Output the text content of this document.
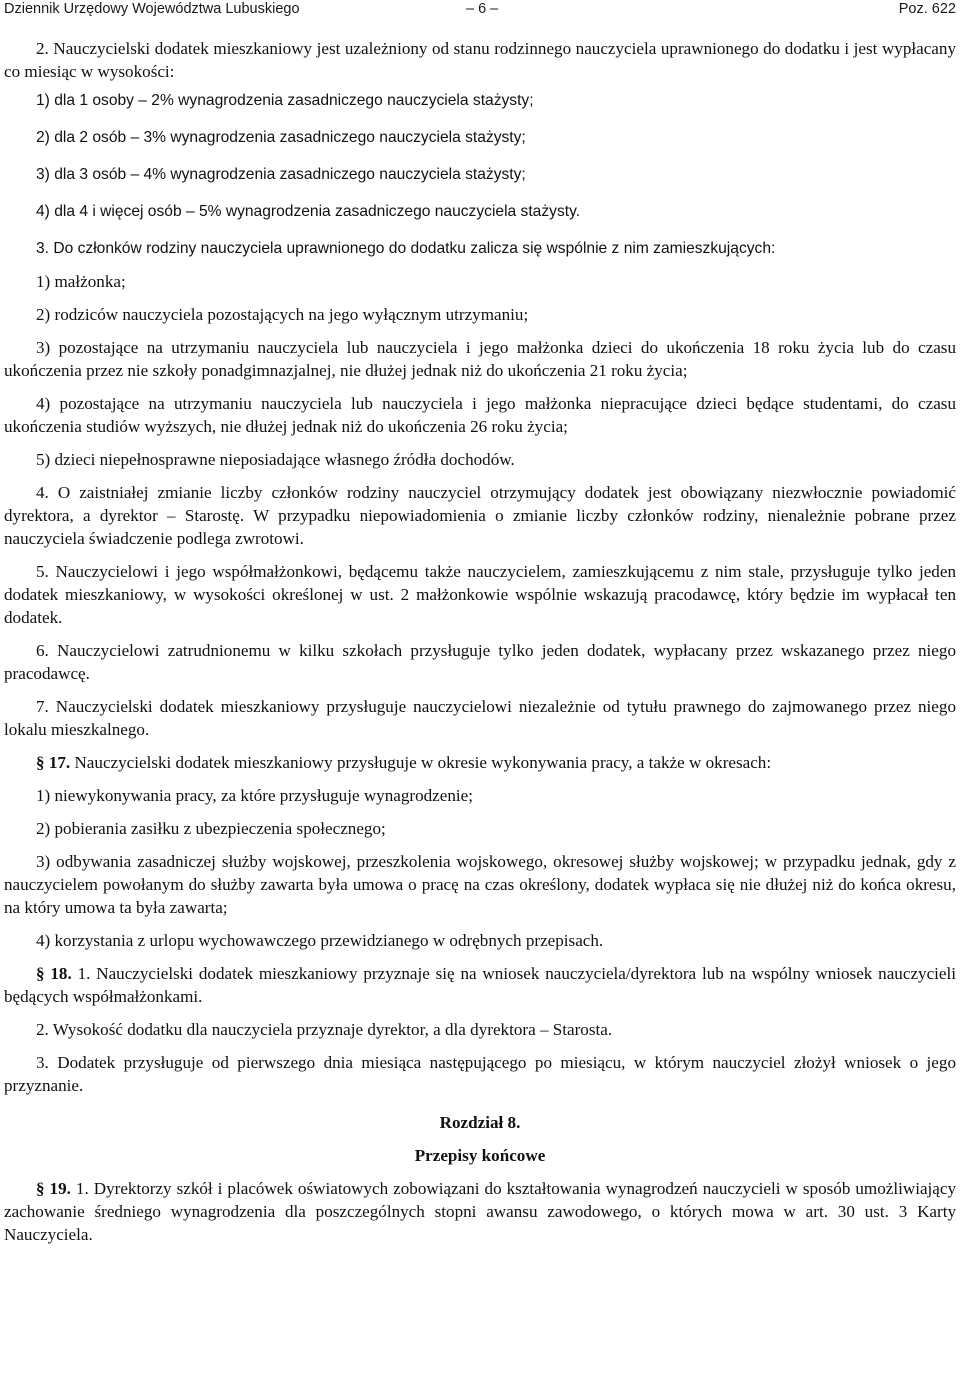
Dziennik Urzędowy Województwa Lubuskiego	– 6 –	Poz. 622

2. Nauczycielski dodatek mieszkaniowy jest uzależniony od stanu rodzinnego nauczyciela uprawnionego do dodatku i jest wypłacany co miesiąc w wysokości:

1) dla 1 osoby – 2% wynagrodzenia zasadniczego nauczyciela stażysty;

2) dla 2 osób – 3% wynagrodzenia zasadniczego nauczyciela stażysty;

3) dla 3 osób – 4% wynagrodzenia zasadniczego nauczyciela stażysty;

4) dla 4 i więcej osób – 5% wynagrodzenia zasadniczego nauczyciela stażysty.

3. Do członków rodziny nauczyciela uprawnionego do dodatku zalicza się wspólnie z nim zamieszkujących:

1) małżonka;

2) rodziców nauczyciela pozostających na jego wyłącznym utrzymaniu;

3) pozostające na utrzymaniu nauczyciela lub nauczyciela i jego małżonka dzieci do ukończenia 18 roku życia lub do czasu ukończenia przez nie szkoły ponadgimnazjalnej, nie dłużej jednak niż do ukończenia 21 roku życia;

4) pozostające na utrzymaniu nauczyciela lub nauczyciela i jego małżonka niepracujące dzieci będące studentami, do czasu ukończenia studiów wyższych, nie dłużej jednak niż do ukończenia 26 roku życia;

5) dzieci niepełnosprawne nieposiadające własnego źródła dochodów.

4. O zaistniałej zmianie liczby członków rodziny nauczyciel otrzymujący dodatek jest obowiązany niezwłocznie powiadomić dyrektora, a dyrektor – Starostę. W przypadku niepowiadomienia o zmianie liczby członków rodziny, nienależnie pobrane przez nauczyciela świadczenie podlega zwrotowi.

5. Nauczycielowi i jego współmałżonkowi, będącemu także nauczycielem, zamieszkującemu z nim stale, przysługuje tylko jeden dodatek mieszkaniowy, w wysokości określonej w ust. 2 małżonkowie wspólnie wskazują pracodawcę, który będzie im wypłacał ten dodatek.

6. Nauczycielowi zatrudnionemu w kilku szkołach przysługuje tylko jeden dodatek, wypłacany przez wskazanego przez niego pracodawcę.

7. Nauczycielski dodatek mieszkaniowy przysługuje nauczycielowi niezależnie od tytułu prawnego do zajmowanego przez niego lokalu mieszkalnego.

§ 17. Nauczycielski dodatek mieszkaniowy przysługuje w okresie wykonywania pracy, a także w okresach:

1) niewykonywania pracy, za które przysługuje wynagrodzenie;

2) pobierania zasiłku z ubezpieczenia społecznego;

3) odbywania zasadniczej służby wojskowej, przeszkolenia wojskowego, okresowej służby wojskowej; w przypadku jednak, gdy z nauczycielem powołanym do służby zawarta była umowa o pracę na czas określony, dodatek wypłaca się nie dłużej niż do końca okresu, na który umowa ta była zawarta;

4) korzystania z urlopu wychowawczego przewidzianego w odrębnych przepisach.

§ 18. 1. Nauczycielski dodatek mieszkaniowy przyznaje się na wniosek nauczyciela/dyrektora lub na wspólny wniosek nauczycieli będących współmałżonkami.

2. Wysokość dodatku dla nauczyciela przyznaje dyrektor, a dla dyrektora – Starosta.

3. Dodatek przysługuje od pierwszego dnia miesiąca następującego po miesiącu, w którym nauczyciel złożył wniosek o jego przyznanie.

Rozdział 8.

Przepisy końcowe

§ 19. 1. Dyrektorzy szkół i placówek oświatowych zobowiązani do kształtowania wynagrodzeń nauczycieli w sposób umożliwiający zachowanie średniego wynagrodzenia dla poszczególnych stopni awansu zawodowego, o których mowa w art. 30 ust. 3 Karty Nauczyciela.
